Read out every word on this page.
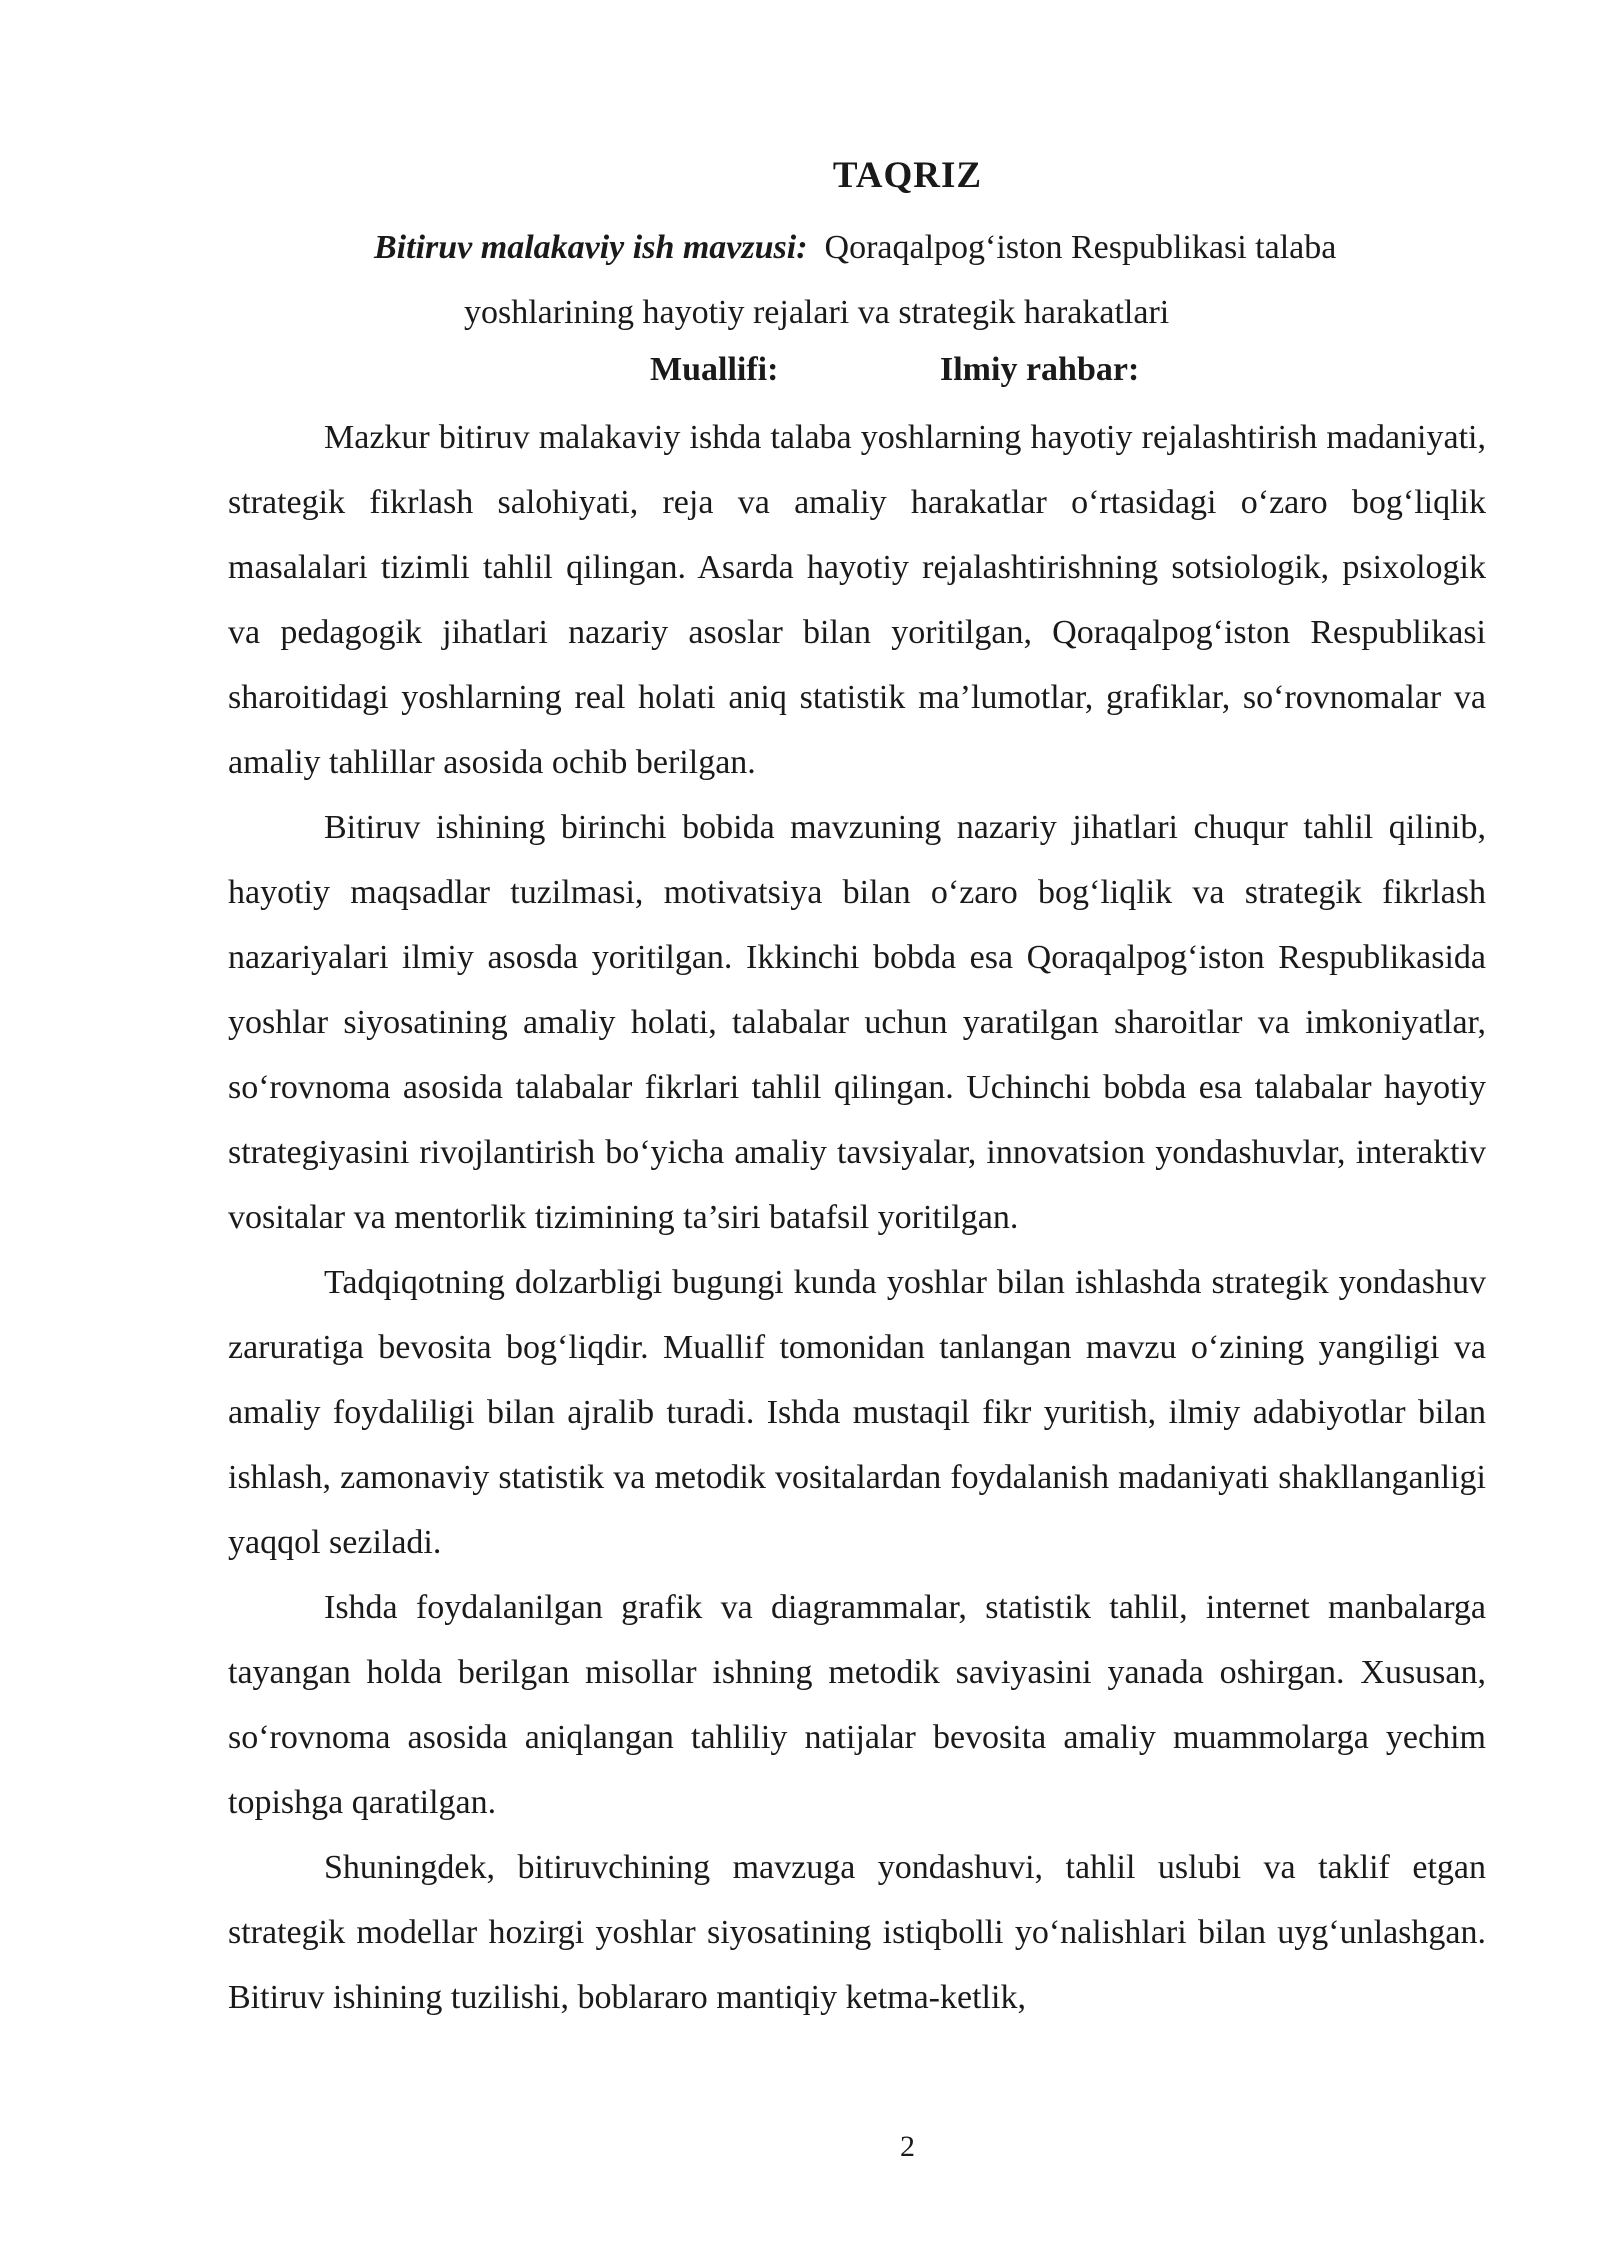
TAQRIZ

Bitiruv malakaviy ish mavzusi: Qoraqalpog‘iston Respublikasi talaba
yoshlarining hayotiy rejalari va strategik harakatlari

Muallifi:	Ilmiy rahbar:

Mazkur bitiruv malakaviy ishda talaba yoshlarning hayotiy rejalashtirish madaniyati, strategik fikrlash salohiyati, reja va amaliy harakatlar o‘rtasidagi o‘zaro bog‘liqlik masalalari tizimli tahlil qilingan. Asarda hayotiy rejalashtirishning sotsiologik, psixologik va pedagogik jihatlari nazariy asoslar bilan yoritilgan, Qoraqalpog‘iston Respublikasi sharoitidagi yoshlarning real holati aniq statistik ma’lumotlar, grafiklar, so‘rovnomalar va amaliy tahlillar asosida ochib berilgan.

Bitiruv ishining birinchi bobida mavzuning nazariy jihatlari chuqur tahlil qilinib, hayotiy maqsadlar tuzilmasi, motivatsiya bilan o‘zaro bog‘liqlik va strategik fikrlash nazariyalari ilmiy asosda yoritilgan. Ikkinchi bobda esa Qoraqalpog‘iston Respublikasida yoshlar siyosatining amaliy holati, talabalar uchun yaratilgan sharoitlar va imkoniyatlar, so‘rovnoma asosida talabalar fikrlari tahlil qilingan. Uchinchi bobda esa talabalar hayotiy strategiyasini rivojlantirish bo‘yicha amaliy tavsiyalar, innovatsion yondashuvlar, interaktiv vositalar va mentorlik tizimining ta’siri batafsil yoritilgan.

Tadqiqotning dolzarbligi bugungi kunda yoshlar bilan ishlashda strategik yondashuv zaruratiga bevosita bog‘liqdir. Muallif tomonidan tanlangan mavzu o‘zining yangiligi va amaliy foydaliligi bilan ajralib turadi. Ishda mustaqil fikr yuritish, ilmiy adabiyotlar bilan ishlash, zamonaviy statistik va metodik vositalardan foydalanish madaniyati shakllanganligi yaqqol seziladi.

Ishda foydalanilgan grafik va diagrammalar, statistik tahlil, internet manbalarga tayangan holda berilgan misollar ishning metodik saviyasini yanada oshirgan. Xususan, so‘rovnoma asosida aniqlangan tahliliy natijalar bevosita amaliy muammolarga yechim topishga qaratilgan.

Shuningdek, bitiruvchining mavzuga yondashuvi, tahlil uslubi va taklif etgan strategik modellar hozirgi yoshlar siyosatining istiqbolli yo‘nalishlari bilan uyg‘unlashgan. Bitiruv ishining tuzilishi, boblararo mantiqiy ketma-ketlik,

2
